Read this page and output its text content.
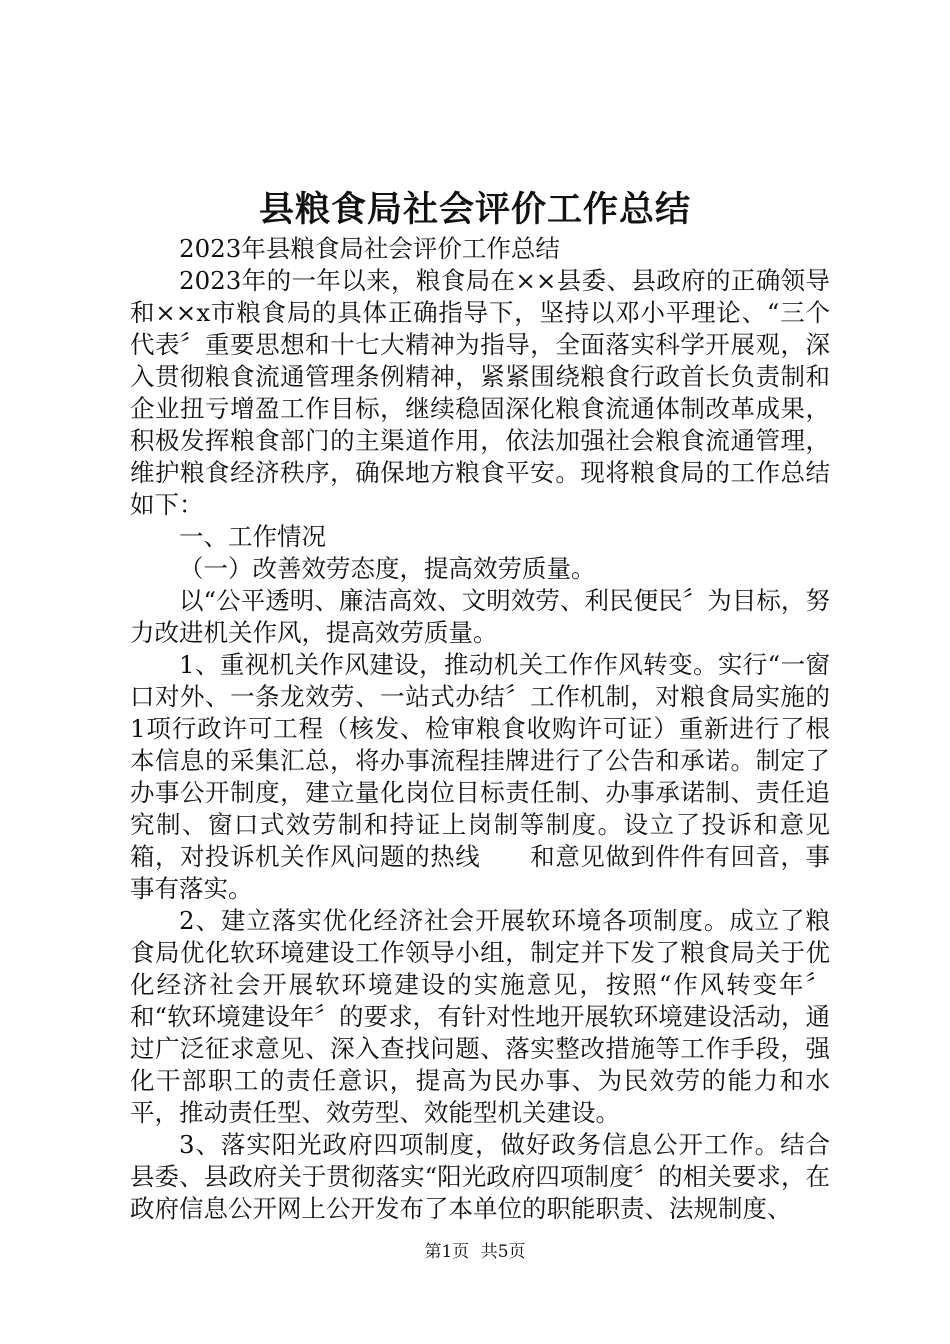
县粮食局社会评价工作总结

2023年县粮食局社会评价工作总结

2023年的一年以来，粮食局在××县委、县政府的正确领导和××x市粮食局的具体正确指导下，坚持以邓小平理论、“三个代表〞重要思想和十七大精神为指导，全面落实科学开展观，深入贯彻粮食流通管理条例精神，紧紧围绕粮食行政首长负责制和企业扭亏增盈工作目标，继续稳固深化粮食流通体制改革成果，积极发挥粮食部门的主渠道作用，依法加强社会粮食流通管理，维护粮食经济秩序，确保地方粮食平安。现将粮食局的工作总结如下：

一、工作情况

（一）改善效劳态度，提高效劳质量。

以“公平透明、廉洁高效、文明效劳、利民便民〞为目标，努力改进机关作风，提高效劳质量。

1、重视机关作风建设，推动机关工作作风转变。实行“一窗口对外、一条龙效劳、一站式办结〞工作机制，对粮食局实施的1项行政许可工程（核发、检审粮食收购许可证）重新进行了根本信息的采集汇总，将办事流程挂牌进行了公告和承诺。制定了办事公开制度，建立量化岗位目标责任制、办事承诺制、责任追究制、窗口式效劳制和持证上岗制等制度。设立了投诉和意见箱，对投诉机关作风问题的热线　　和意见做到件件有回音，事事有落实。

2、建立落实优化经济社会开展软环境各项制度。成立了粮食局优化软环境建设工作领导小组，制定并下发了粮食局关于优化经济社会开展软环境建设的实施意见，按照“作风转变年〞和“软环境建设年〞的要求，有针对性地开展软环境建设活动，通过广泛征求意见、深入查找问题、落实整改措施等工作手段，强化干部职工的责任意识，提高为民办事、为民效劳的能力和水平，推动责任型、效劳型、效能型机关建设。

3、落实阳光政府四项制度，做好政务信息公开工作。结合县委、县政府关于贯彻落实“阳光政府四项制度〞的相关要求，在政府信息公开网上公开发布了本单位的职能职责、法规制度、

第1页 共5页
